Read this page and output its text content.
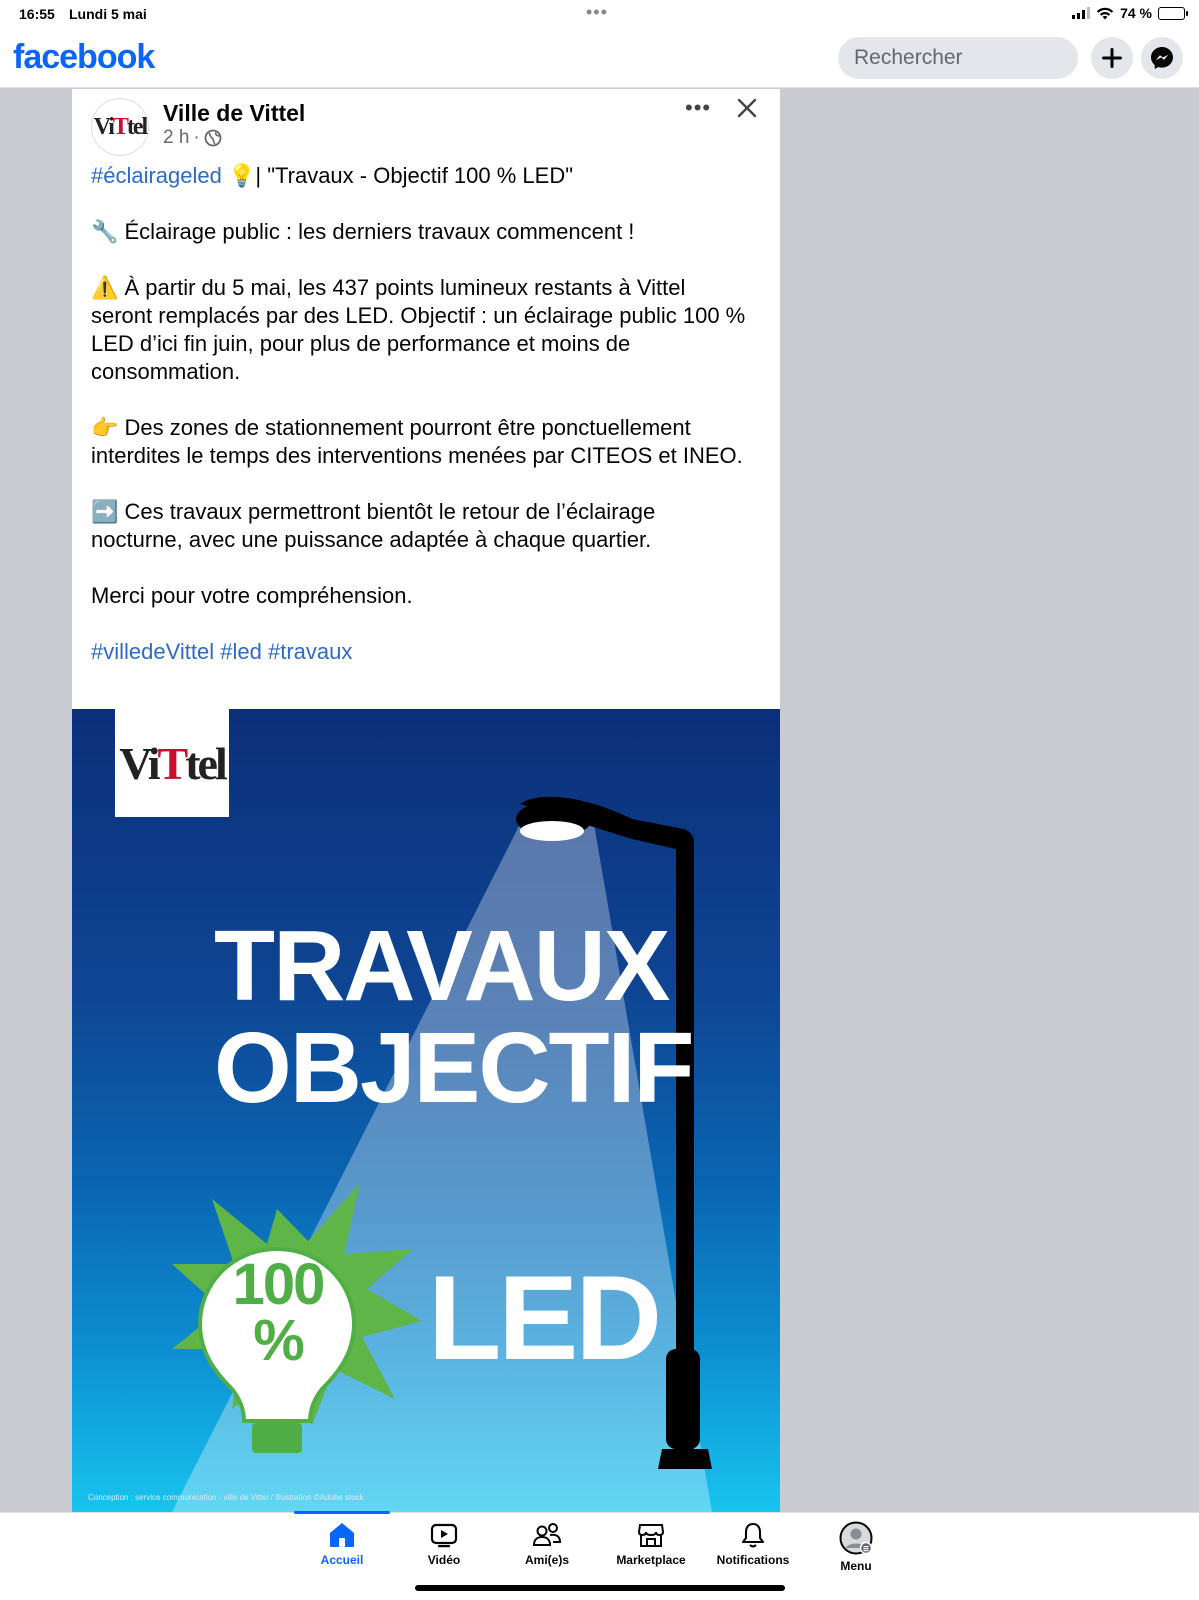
16:55 Lundi 5 mai	•••	74 %
facebook
Rechercher
ViTtel
Ville de Vittel
2 h ·
•••

#éclairageled 💡| "Travaux - Objectif 100 % LED"

🔧 Éclairage public : les derniers travaux commencent !

⚠️ À partir du 5 mai, les 437 points lumineux restants à Vittel seront remplacés par des LED. Objectif : un éclairage public 100 % LED d’ici fin juin, pour plus de performance et moins de consommation.

👉 Des zones de stationnement pourront être ponctuellement interdites le temps des interventions menées par CITEOS et INEO.

➡️ Ces travaux permettront bientôt le retour de l’éclairage nocturne, avec une puissance adaptée à chaque quartier.

Merci pour votre compréhension.

#villedeVittel #led #travaux

Vi T tel
TRAVAUX
OBJECTIF
100
% LED
Conception : service communication - ville de Vittel / Illustration ©Adobe stock
Accueil	Vidéo	Ami(e)s	Marketplace	Notifications	Menu
